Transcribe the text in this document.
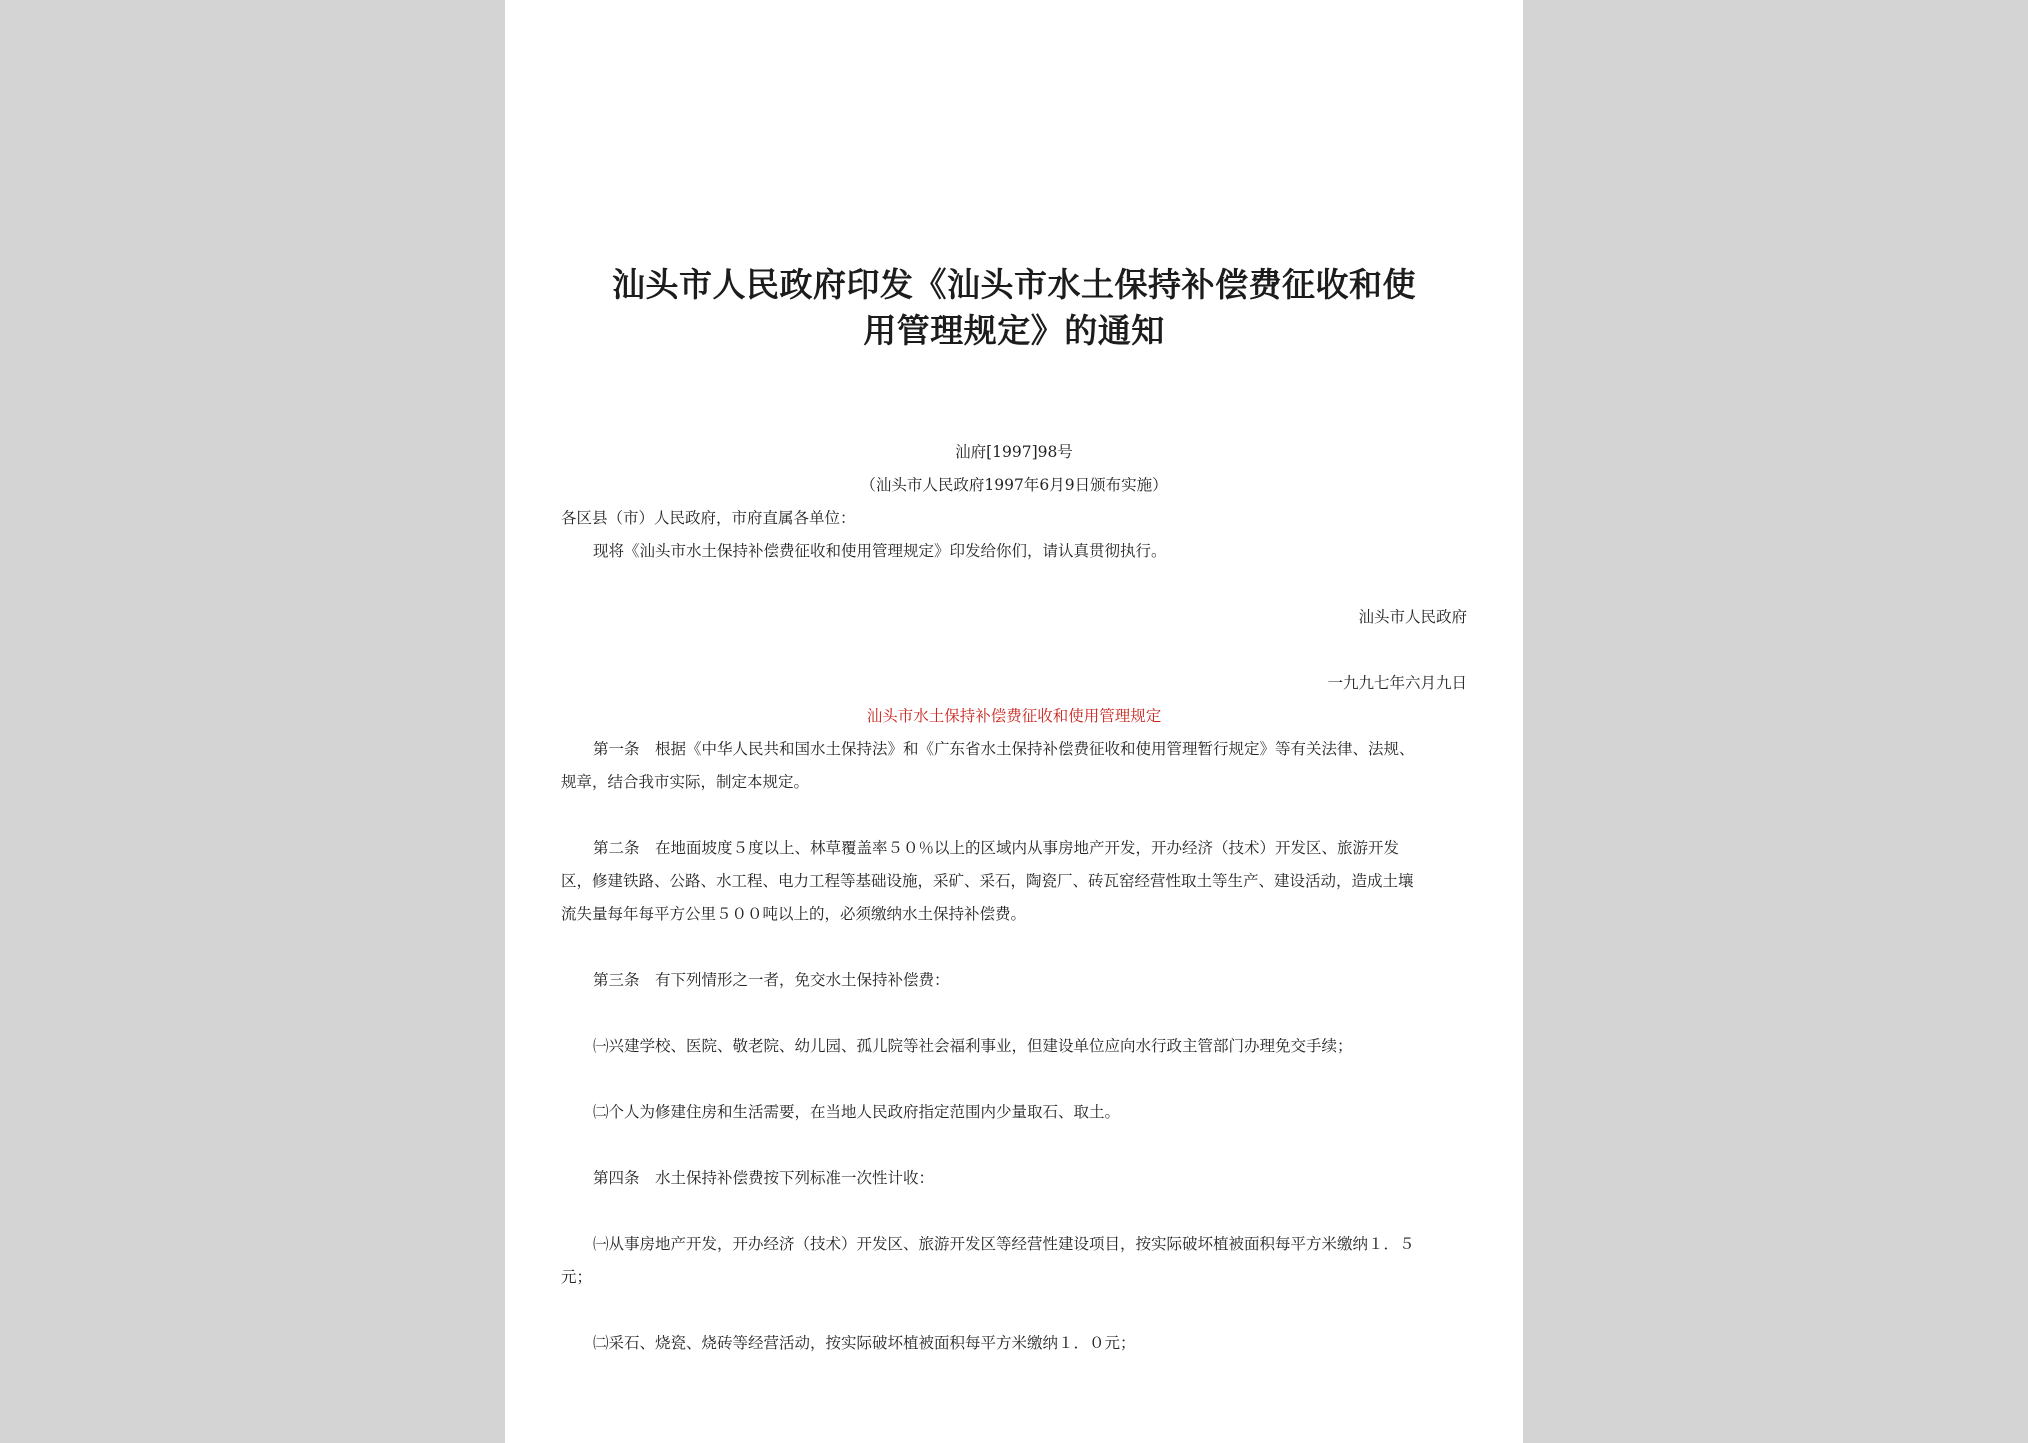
汕头市人民政府印发《汕头市水土保持补偿费征收和使
用管理规定》的通知
汕府[1997]98号
（汕头市人民政府1997年6月9日颁布实施）
各区县（市）人民政府，市府直属各单位：
现将《汕头市水土保持补偿费征收和使用管理规定》印发给你们，请认真贯彻执行。
汕头市人民政府
一九九七年六月九日
汕头市水土保持补偿费征收和使用管理规定
第一条　根据《中华人民共和国水土保持法》和《广东省水土保持补偿费征收和使用管理暂行规定》等有关法律、法规、
规章，结合我市实际，制定本规定。
第二条　在地面坡度５度以上、林草覆盖率５０％以上的区域内从事房地产开发，开办经济（技术）开发区、旅游开发
区，修建铁路、公路、水工程、电力工程等基础设施，采矿、采石，陶瓷厂、砖瓦窑经营性取土等生产、建设活动，造成土壤
流失量每年每平方公里５００吨以上的，必须缴纳水土保持补偿费。
第三条　有下列情形之一者，免交水土保持补偿费：
㈠兴建学校、医院、敬老院、幼儿园、孤儿院等社会福利事业，但建设单位应向水行政主管部门办理免交手续；
㈡个人为修建住房和生活需要，在当地人民政府指定范围内少量取石、取土。
第四条　水土保持补偿费按下列标准一次性计收：
㈠从事房地产开发，开办经济（技术）开发区、旅游开发区等经营性建设项目，按实际破坏植被面积每平方米缴纳１．５
元；
㈡采石、烧瓷、烧砖等经营活动，按实际破坏植被面积每平方米缴纳１．０元；
